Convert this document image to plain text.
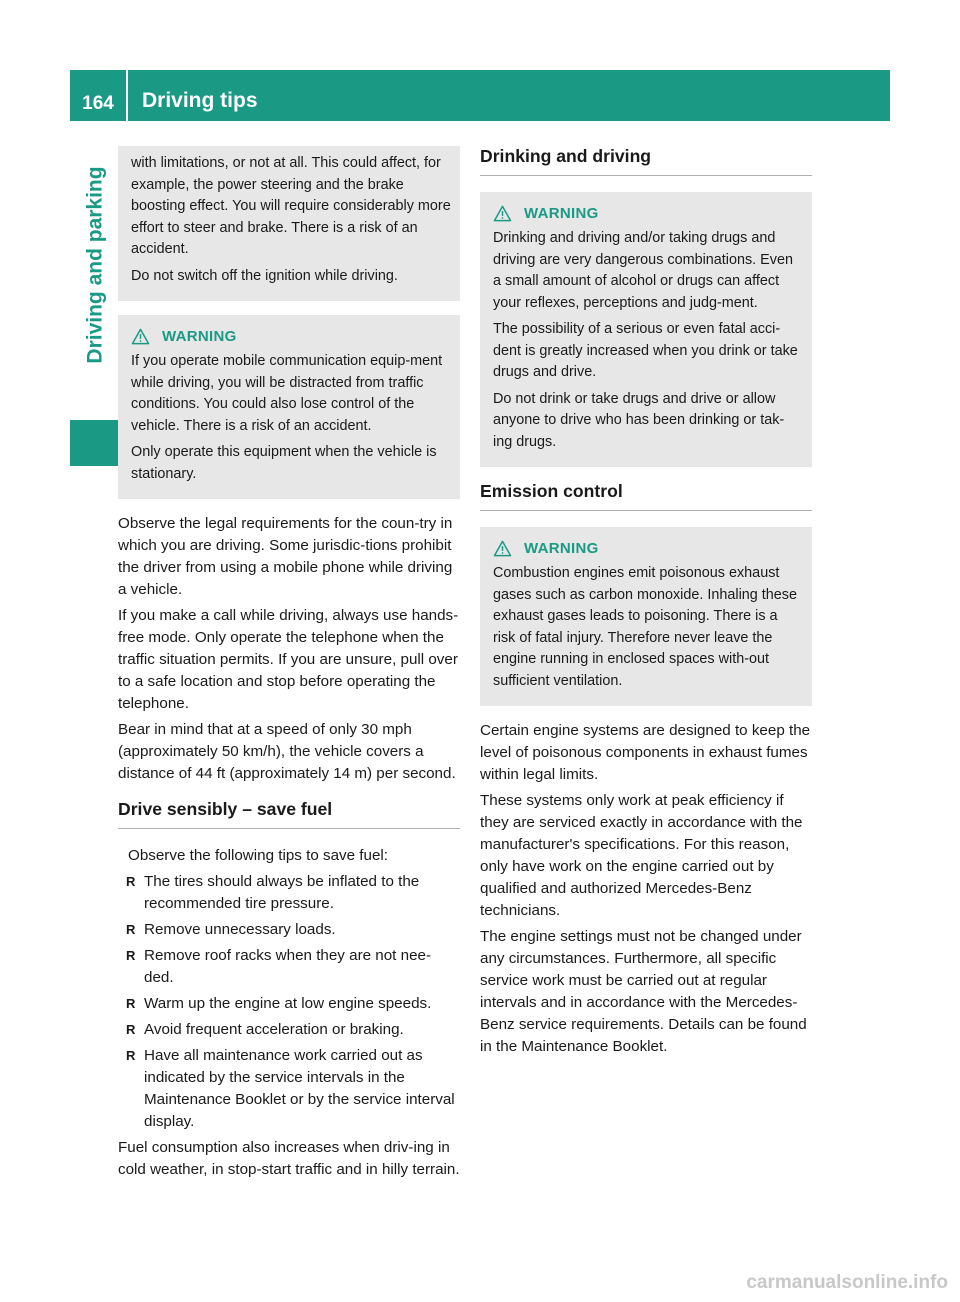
164	Driving tips
Driving and parking

with limitations, or not at all. This could affect, for example, the power steering and the brake boosting effect. You will require considerably more effort to steer and brake. There is a risk of an accident.

Do not switch off the ignition while driving.

WARNING

If you operate mobile communication equip-ment while driving, you will be distracted from traffic conditions. You could also lose control of the vehicle. There is a risk of an accident.

Only operate this equipment when the vehicle is stationary.

Observe the legal requirements for the coun-try in which you are driving. Some jurisdic-tions prohibit the driver from using a mobile phone while driving a vehicle.

If you make a call while driving, always use hands-free mode. Only operate the telephone when the traffic situation permits. If you are unsure, pull over to a safe location and stop before operating the telephone.

Bear in mind that at a speed of only 30 mph (approximately 50 km/h), the vehicle covers a distance of 44 ft (approximately 14 m) per second.

Drive sensibly – save fuel

Observe the following tips to save fuel:

R The tires should always be inflated to the recommended tire pressure.
R Remove unnecessary loads.
R Remove roof racks when they are not nee-ded.
R Warm up the engine at low engine speeds.
R Avoid frequent acceleration or braking.
R Have all maintenance work carried out as indicated by the service intervals in the Maintenance Booklet or by the service interval display.

Fuel consumption also increases when driv-ing in cold weather, in stop-start traffic and in hilly terrain.

Drinking and driving
WARNING

Drinking and driving and/or taking drugs and driving are very dangerous combinations. Even a small amount of alcohol or drugs can affect your reflexes, perceptions and judg-ment.

The possibility of a serious or even fatal acci-dent is greatly increased when you drink or take drugs and drive.

Do not drink or take drugs and drive or allow anyone to drive who has been drinking or tak-ing drugs.

Emission control
WARNING

Combustion engines emit poisonous exhaust gases such as carbon monoxide. Inhaling these exhaust gases leads to poisoning. There is a risk of fatal injury. Therefore never leave the engine running in enclosed spaces with-out sufficient ventilation.

Certain engine systems are designed to keep the level of poisonous components in exhaust fumes within legal limits.

These systems only work at peak efficiency if they are serviced exactly in accordance with the manufacturer's specifications. For this reason, only have work on the engine carried out by qualified and authorized Mercedes-Benz technicians.

The engine settings must not be changed under any circumstances. Furthermore, all specific service work must be carried out at regular intervals and in accordance with the Mercedes-Benz service requirements. Details can be found in the Maintenance Booklet.

carmanualsonline.info
